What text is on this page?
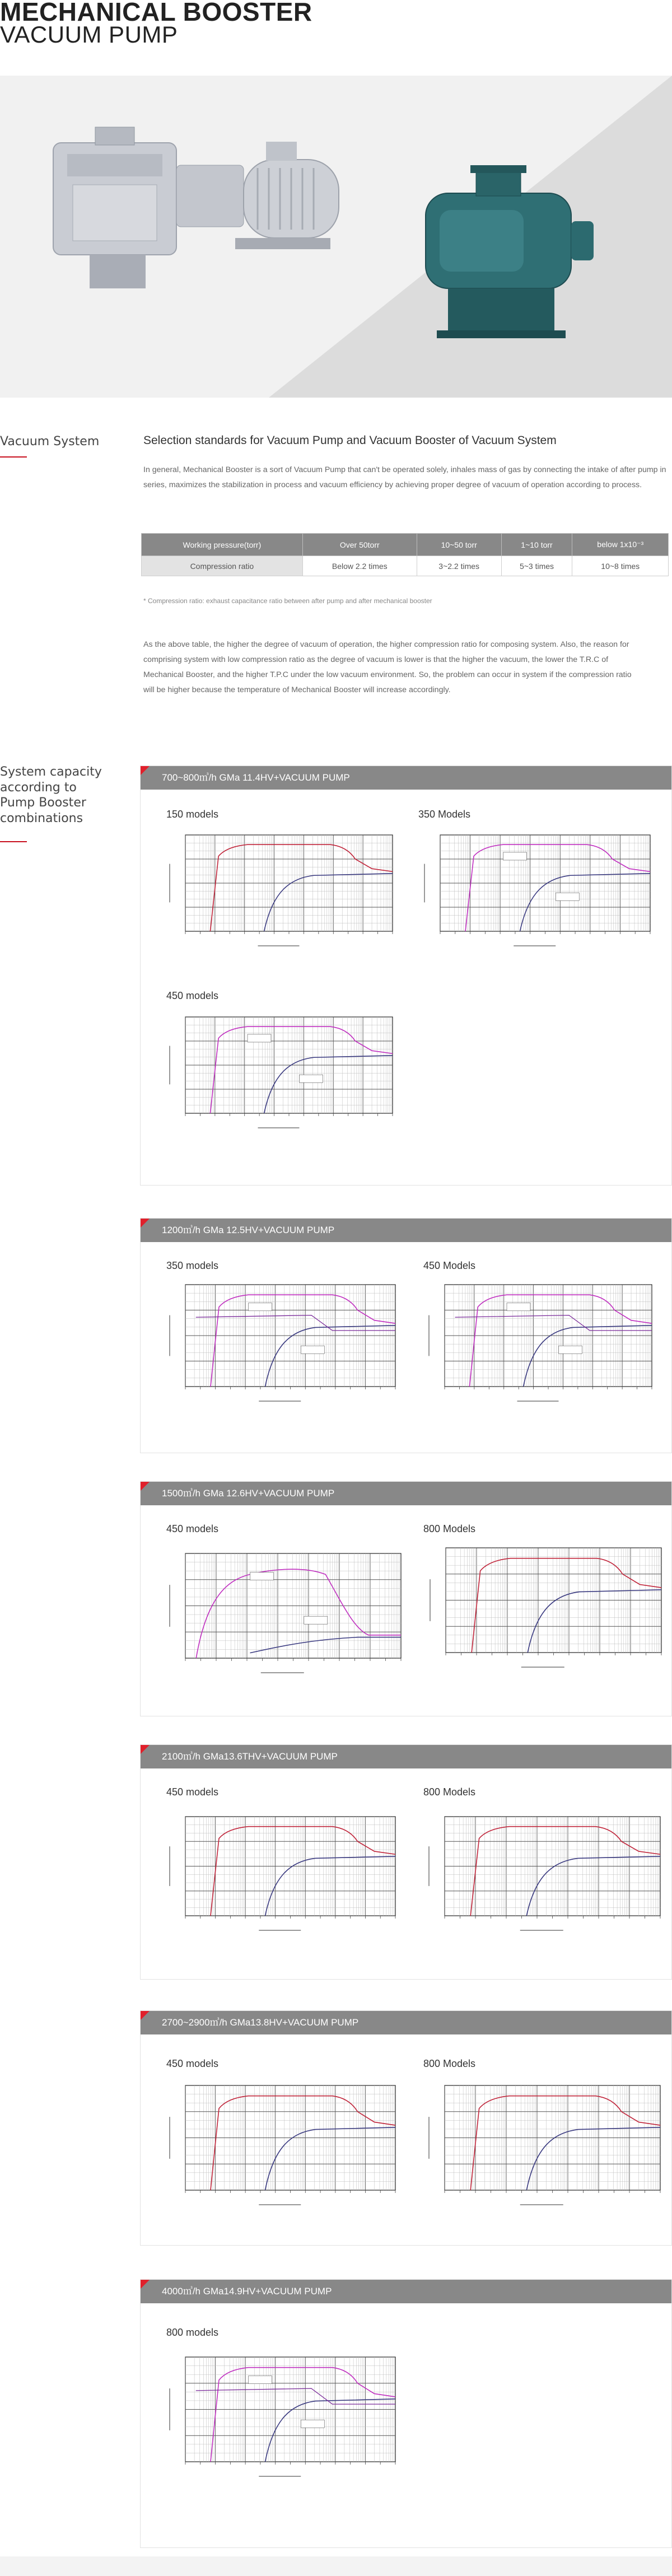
MECHANICAL BOOSTER
VACUUM PUMP
Vacuum System	Selection standards for Vacuum Pump and Vacuum Booster of Vacuum System
In general, Mechanical Booster is a sort of Vacuum Pump that can't be operated solely, inhales mass of gas by connecting the intake of after pump in series, maximizes the stabilization in process and vacuum efficiency by achieving proper degree of vacuum of operation according to process.
Working pressure(torr)	Over 50torr	10~50 torr	1~10 torr	below 1x10⁻³
Compression ratio	Below 2.2 times	3~2.2 times	5~3 times	10~8 times
* Compression ratio: exhaust capacitance ratio between after pump and after mechanical booster
As the above table, the higher the degree of vacuum of operation, the higher compression ratio for composing system. Also, the reason for comprising system with low compression ratio as the degree of vacuum is lower is that the higher the vacuum, the lower the T.R.C of Mechanical Booster, and the higher T.P.C under the low vacuum environment. So, the problem can occur in system if the compression ratio will be higher because the temperature of Mechanical Booster will increase accordingly.
System capacity according to Pump Booster combinations
700~800㎥/h GMa 11.4HV+VACUUM PUMP
150 models	350 Models
450 models
1200㎥/h GMa 12.5HV+VACUUM PUMP
350 models	450 Models
1500㎥/h GMa 12.6HV+VACUUM PUMP
450 models	800 Models
2100㎥/h GMa13.6THV+VACUUM PUMP
450 models	800 Models
2700~2900㎥/h GMa13.8HV+VACUUM PUMP
450 models	800 Models
4000㎥/h GMa14.9HV+VACUUM PUMP
800 models
